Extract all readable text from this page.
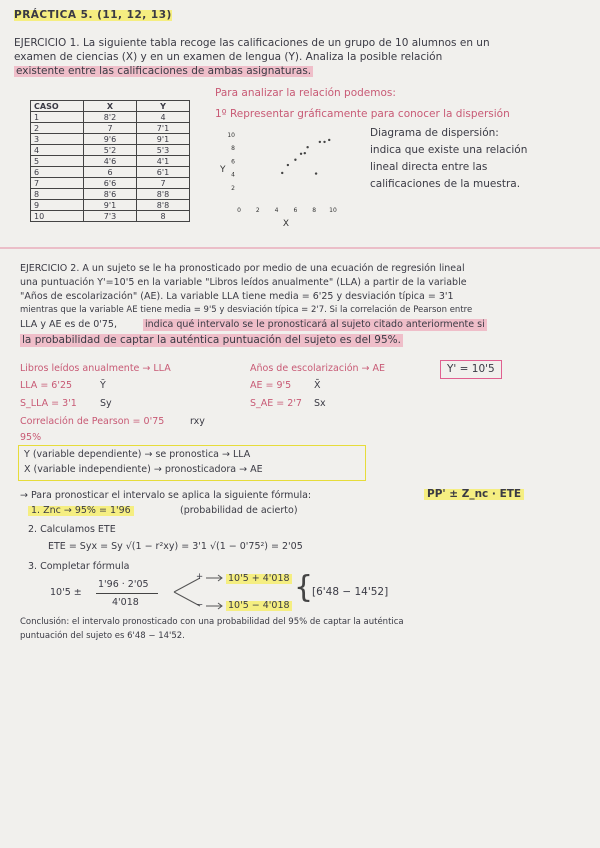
PRÁCTICA 5. (11, 12, 13)
EJERCICIO 1. La siguiente tabla recoge las calificaciones de un grupo de 10 alumnos en un
examen de ciencias (X) y en un examen de lengua (Y). Analiza la posible relación
existente entre las calificaciones de ambas asignaturas.
CASO	X	Y
1	8'2	4
2	7	7'1
3	9'6	9'1
4	5'2	5'3
5	4'6	4'1
6	6	6'1
7	6'6	7
8	8'6	8'8
9	9'1	8'8
10	7'3	8
Para analizar la relación podemos:
1º Representar gráficamente para conocer la dispersión
10
8
6
4
2
0 2 4 6 8 10
Y
X
Diagrama de dispersión:
indica que existe una relación
lineal directa entre las
calificaciones de la muestra.
EJERCICIO 2. A un sujeto se le ha pronosticado por medio de una ecuación de regresión lineal
una puntuación Y'=10'5 en la variable "Libros leídos anualmente" (LLA) a partir de la variable
"Años de escolarización" (AE). La variable LLA tiene media = 6'25 y desviación típica = 3'1
mientras que la variable AE tiene media = 9'5 y desviación típica = 2'7. Si la correlación de Pearson entre
LLA y AE es de 0'75,	indica qué intervalo se le pronosticará al sujeto citado anteriormente si
la probabilidad de captar la auténtica puntuación del sujeto es del 95%.
Libros leídos anualmente → LLA	Años de escolarización → AE	Y' = 10'5
LLA = 6'25	Ȳ	AE = 9'5 X̄
S_LLA = 3'1 Sy	S_AE = 2'7 Sx
Correlación de Pearson = 0'75	rxy
95%
Y (variable dependiente) → se pronostica → LLA
X (variable independiente) → pronosticadora → AE
→ Para pronosticar el intervalo se aplica la siguiente fórmula:	PP' ± Z_nc · ETE
1. Znc → 95% = 1'96	(probabilidad de acierto)
2. Calculamos ETE
ETE = Syx = Sy √(1 − r²xy) = 3'1 √(1 − 0'75²) = 2'05
3. Completar fórmula
10'5 ±
1'96 · 2'05
4'018
+
−
10'5 + 4'018
10'5 − 4'018
{
[6'48 − 14'52]
Conclusión: el intervalo pronosticado con una probabilidad del 95% de captar la auténtica
puntuación del sujeto es 6'48 − 14'52.
